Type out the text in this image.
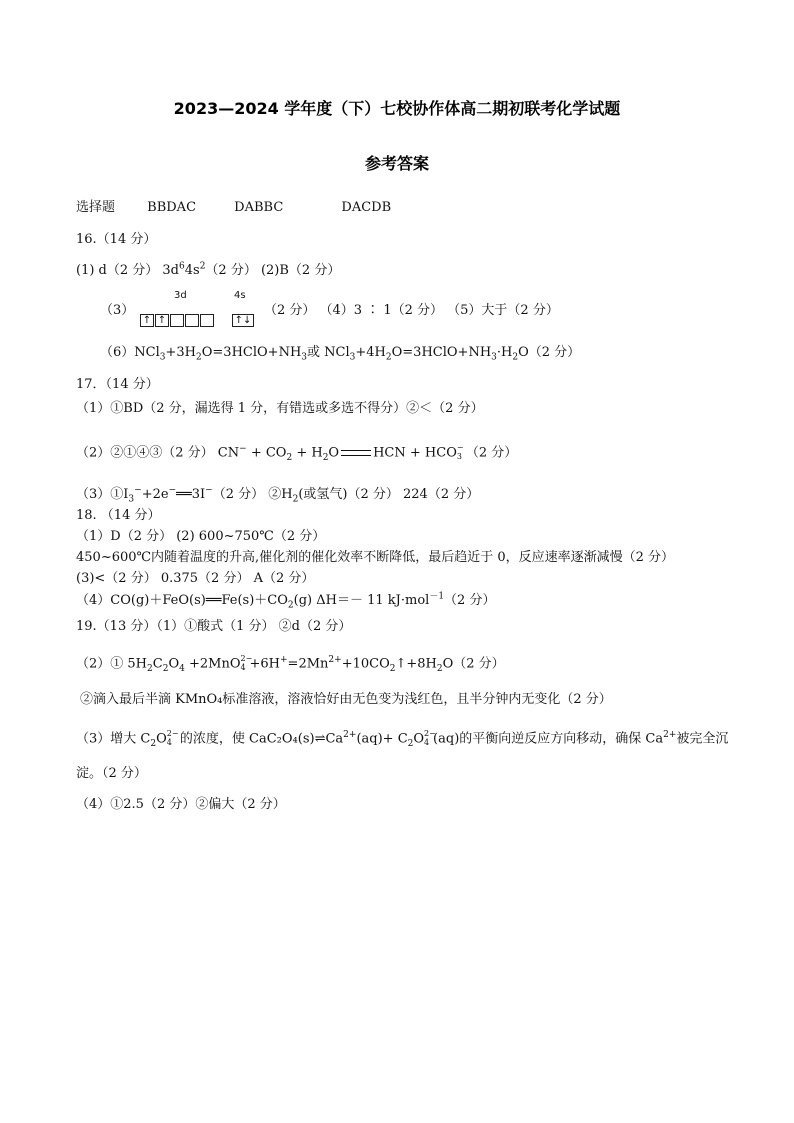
2023—2024 学年度（下）七校协作体高二期初联考化学试题
参考答案
选择题 BBDAC	DABBC	DACDB
16.（14 分）
(1) d（2 分） $3d^64s^2(2$ 分） (2)B（2 分）
（3）
3d	4s
↑ ↑	↑↓
（2 分） （4）3 ∶ 1（2 分） （5）大于（2 分）
$(6)NCl_3+3H_2O=3HClO+NH_3$或 $NCl_3+4H_2O=3HClO+NH_3\cdot H_2O(2$ 分）
17．（14 分）
（1）①BD（2 分，漏选得 1 分，有错选或多选不得分）②＜（2 分）
（2）②①④③（2 分） $CN^- + CO_2 + H_2O$	HCN + HCO −
3 （2 分）
$(3)①I_3^-+2e^-══3I^-(2$ 分） $②H_2$(或氢气)（2 分） 224（2 分）
18. （14 分）
（1）D（2 分） (2) 600~750℃（2 分）
450~600℃内随着温度的升高,催化剂的催化效率不断降低，最后趋近于 0，反应速率逐渐减慢（2 分）
(3)<（2 分） 0.375（2 分） A（2 分）
$(4)CO(g)+FeO(s)══Fe(s)+CO_2(g)$ ΔH＝－ 11 kJ·mol$^{-1}$（2 分）
19.（13 分）（1）①酸式（1 分） ②d（2 分）
（2）① $5H_2C_2O_4 +2MnO$ 2−
$4 +6H^+=2Mn^{2+}+10CO_2↑+8H_2O(2$ 分）
②滴入最后半滴 KMnO₄标准溶液，溶液恰好由无色变为浅红色，且半分钟内无变化（2 分）
（3）增大 $C_2O$ 2−
4 的浓度，使 $CaC_2O_4(s)\rightleftharpoons Ca^{2+}(aq)+ C_2O$ 2−
4 (aq)的平衡向逆反应方向移动，确保 $Ca^{2+}$被完全沉
淀。（2 分）
（4）①2.5（2 分）②偏大（2 分）
